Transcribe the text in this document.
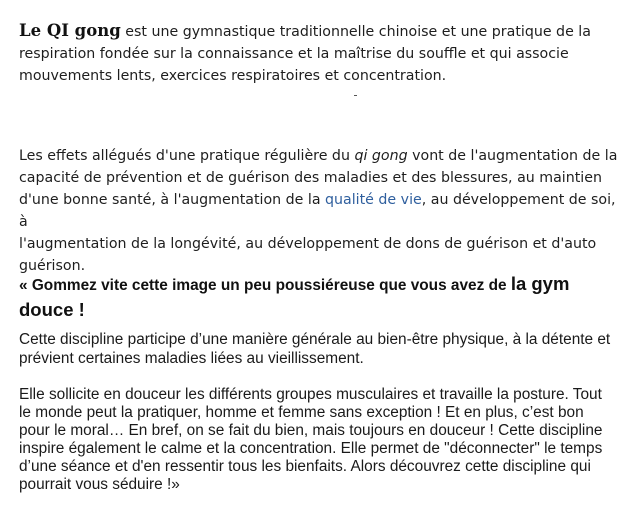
Le QI gong est une gymnastique traditionnelle chinoise et une pratique de la
respiration fondée sur la connaissance et la maîtrise du souffle et qui associe
mouvements lents, exercices respiratoires et concentration.
Les effets allégués d'une pratique régulière du qi gong vont de l'augmentation de la
capacité de prévention et de guérison des maladies et des blessures, au maintien
d'une bonne santé, à l'augmentation de la qualité de vie, au développement de soi, à
l'augmentation de la longévité, au développement de dons de guérison et d'auto
guérison.
« Gommez vite cette image un peu poussiéreuse que vous avez de la gym
douce !
Cette discipline participe d’une manière générale au bien-être physique, à la détente et
prévient certaines maladies liées au vieillissement.
Elle sollicite en douceur les différents groupes musculaires et travaille la posture. Tout
le monde peut la pratiquer, homme et femme sans exception ! Et en plus, c’est bon
pour le moral… En bref, on se fait du bien, mais toujours en douceur ! Cette discipline
inspire également le calme et la concentration. Elle permet de "déconnecter" le temps
d’une séance et d'en ressentir tous les bienfaits. Alors découvrez cette discipline qui
pourrait vous séduire !»
